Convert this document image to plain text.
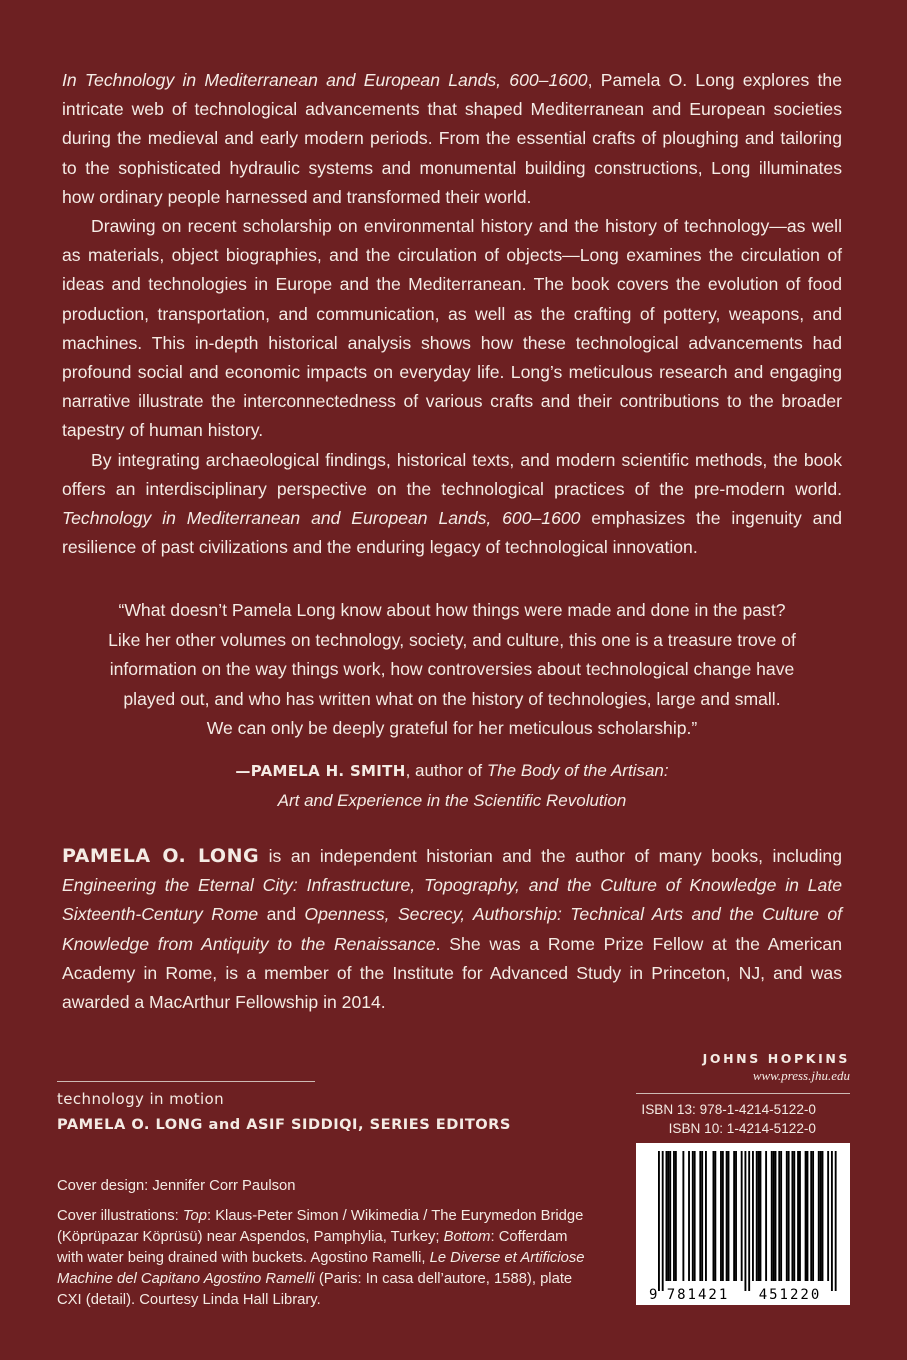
In Technology in Mediterranean and European Lands, 600–1600, Pamela O. Long explores the intricate web of technological advancements that shaped Mediterranean and European societies during the medieval and early modern periods. From the essential crafts of ploughing and tailoring to the sophisticated hydraulic systems and monumental building constructions, Long illuminates how ordinary people harnessed and transformed their world.

Drawing on recent scholarship on environmental history and the history of technology—as well as materials, object biographies, and the circulation of objects—Long examines the circulation of ideas and technologies in Europe and the Mediterranean. The book covers the evolution of food production, transportation, and communication, as well as the crafting of pottery, weapons, and machines. This in-depth historical analysis shows how these technological advancements had profound social and economic impacts on everyday life. Long’s meticulous research and engaging narrative illustrate the interconnectedness of various crafts and their contributions to the broader tapestry of human history.

By integrating archaeological findings, historical texts, and modern scientific methods, the book offers an interdisciplinary perspective on the technological practices of the pre-modern world. Technology in Mediterranean and European Lands, 600–1600 emphasizes the ingenuity and resilience of past civilizations and the enduring legacy of technological innovation.

“What doesn’t Pamela Long know about how things were made and done in the past?
Like her other volumes on technology, society, and culture, this one is a treasure trove of
information on the way things work, how controversies about technological change have
played out, and who has written what on the history of technologies, large and small.
We can only be deeply grateful for her meticulous scholarship.”
—PAMELA H. SMITH, author of The Body of the Artisan:
Art and Experience in the Scientific Revolution
PAMELA O. LONG is an independent historian and the author of many books, including Engineering the Eternal City: Infrastructure, Topography, and the Culture of Knowledge in Late Sixteenth-Century Rome and Openness, Secrecy, Authorship: Technical Arts and the Culture of Knowledge from Antiquity to the Renaissance. She was a Rome Prize Fellow at the American Academy in Rome, is a member of the Institute for Advanced Study in Princeton, NJ, and was awarded a MacArthur Fellowship in 2014.
technology in motion
PAMELA O. LONG and ASIF SIDDIQI, SERIES EDITORS

Cover design: Jennifer Corr Paulson

Cover illustrations: Top: Klaus-Peter Simon / Wikimedia / The Eurymedon Bridge (Köprüpazar Köprüsü) near Aspendos, Pamphylia, Turkey; Bottom: Cofferdam with water being drained with buckets. Agostino Ramelli, Le Diverse et Artificiose Machine del Capitano Agostino Ramelli (Paris: In casa dell’autore, 1588), plate CXI (detail). Courtesy Linda Hall Library.

JOHNS HOPKINS
www.press.jhu.edu
ISBN 13: 978-1-4214-5122-0
ISBN 10: 1-4214-5122-0
9 781421 451220
